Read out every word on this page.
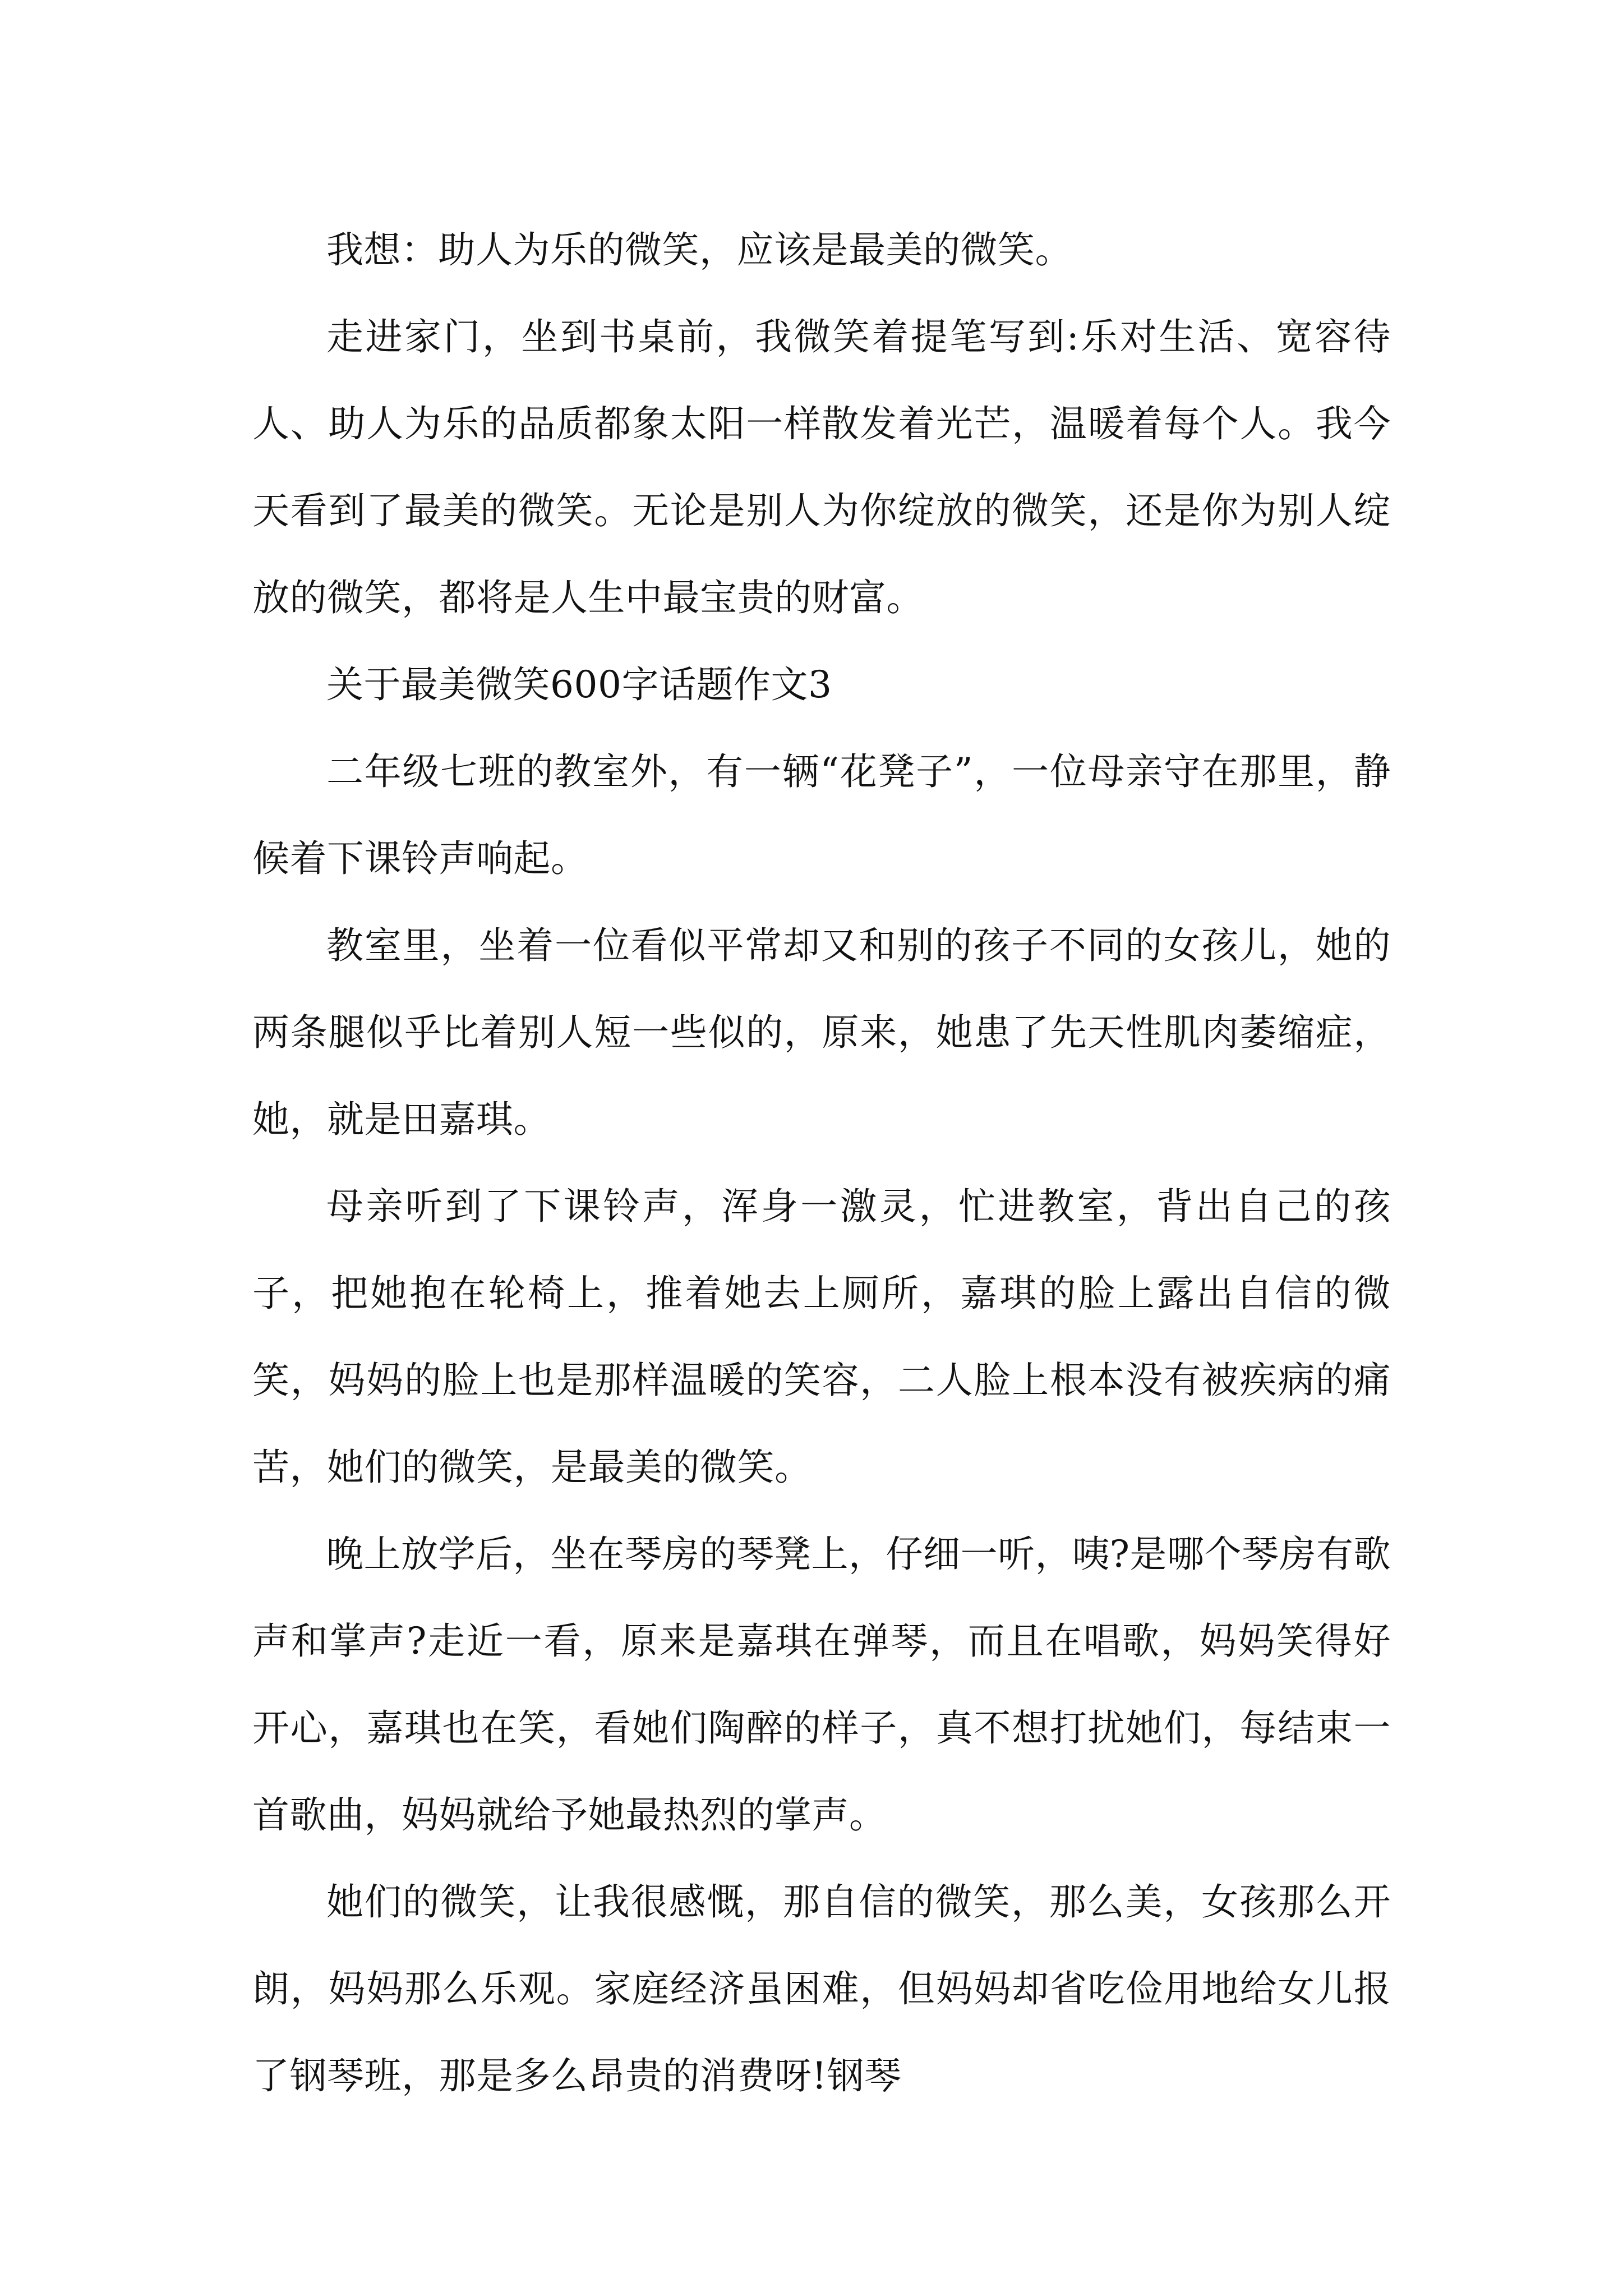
我想：助人为乐的微笑，应该是最美的微笑。

走进家门，坐到书桌前，我微笑着提笔写到:乐对生活、宽容待人、助人为乐的品质都象太阳一样散发着光芒，温暖着每个人。我今天看到了最美的微笑。无论是别人为你绽放的微笑，还是你为别人绽放的微笑，都将是人生中最宝贵的财富。

关于最美微笑600字话题作文3

二年级七班的教室外，有一辆“花凳子”，一位母亲守在那里，静候着下课铃声响起。

教室里，坐着一位看似平常却又和别的孩子不同的女孩儿，她的两条腿似乎比着别人短一些似的，原来，她患了先天性肌肉萎缩症，她，就是田嘉琪。

母亲听到了下课铃声，浑身一激灵，忙进教室，背出自己的孩子，把她抱在轮椅上，推着她去上厕所，嘉琪的脸上露出自信的微笑，妈妈的脸上也是那样温暖的笑容，二人脸上根本没有被疾病的痛苦，她们的微笑，是最美的微笑。

晚上放学后，坐在琴房的琴凳上，仔细一听，咦?是哪个琴房有歌声和掌声?走近一看，原来是嘉琪在弹琴，而且在唱歌，妈妈笑得好开心，嘉琪也在笑，看她们陶醉的样子，真不想打扰她们，每结束一首歌曲，妈妈就给予她最热烈的掌声。

她们的微笑，让我很感慨，那自信的微笑，那么美，女孩那么开朗，妈妈那么乐观。家庭经济虽困难，但妈妈却省吃俭用地给女儿报了钢琴班，那是多么昂贵的消费呀!钢琴
